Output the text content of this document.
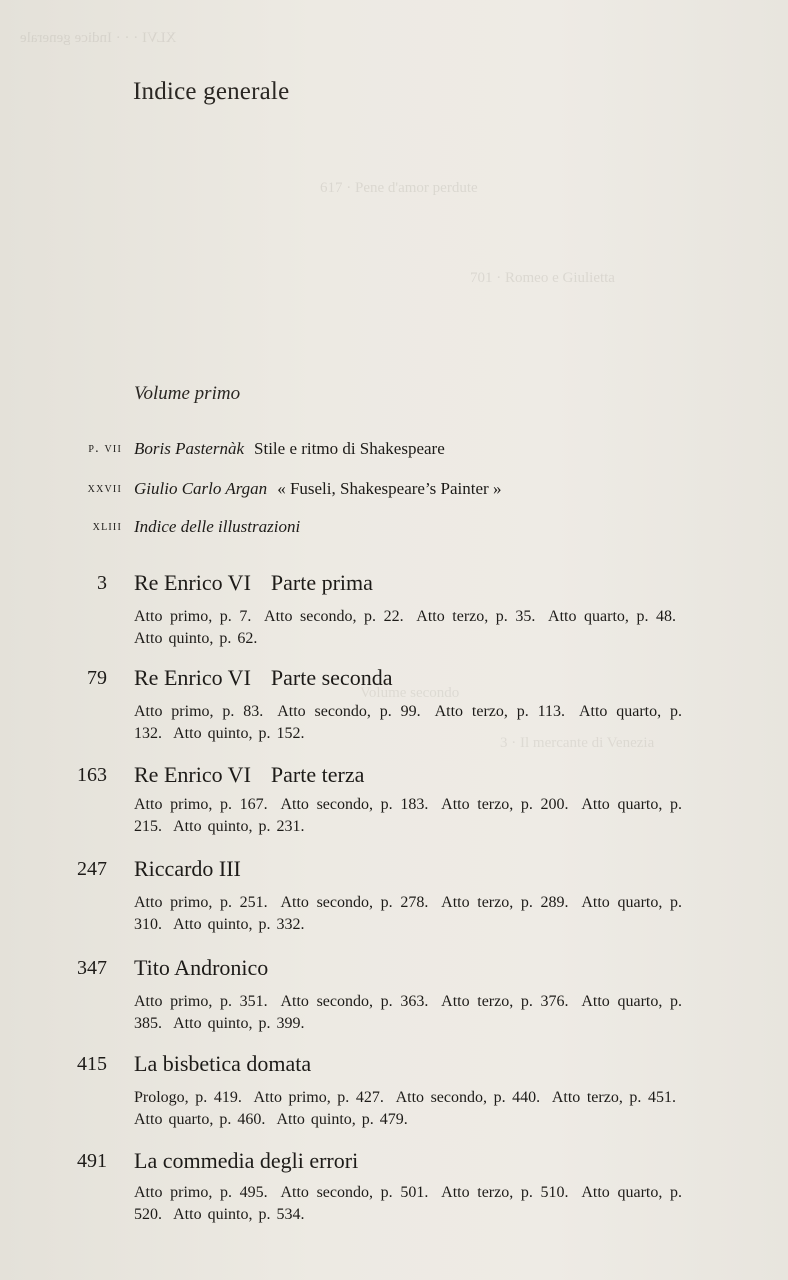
XLVI · · · Indice generale
617 · Pene d'amor perdute
701 · Romeo e Giulietta
Volume secondo
3 · Il mercante di Venezia
Indice generale
Volume primo
p. vii Boris Pasternàk Stile e ritmo di Shakespeare
xxvii Giulio Carlo Argan « Fuseli, Shakespeare’s Painter »
xliii Indice delle illustrazioni
3 Re Enrico VI Parte prima
Atto primo, p. 7. Atto secondo, p. 22. Atto terzo, p. 35. Atto quarto, p. 48. Atto quinto, p. 62.
79 Re Enrico VI Parte seconda
Atto primo, p. 83. Atto secondo, p. 99. Atto terzo, p. 113. Atto quarto, p. 132. Atto quinto, p. 152.
163 Re Enrico VI Parte terza
Atto primo, p. 167. Atto secondo, p. 183. Atto terzo, p. 200. Atto quarto, p. 215. Atto quinto, p. 231.
247 Riccardo III
Atto primo, p. 251. Atto secondo, p. 278. Atto terzo, p. 289. Atto quarto, p. 310. Atto quinto, p. 332.
347 Tito Andronico
Atto primo, p. 351. Atto secondo, p. 363. Atto terzo, p. 376. Atto quarto, p. 385. Atto quinto, p. 399.
415 La bisbetica domata
Prologo, p. 419. Atto primo, p. 427. Atto secondo, p. 440. Atto terzo, p. 451. Atto quarto, p. 460. Atto quinto, p. 479.
491 La commedia degli errori
Atto primo, p. 495. Atto secondo, p. 501. Atto terzo, p. 510. Atto quarto, p. 520. Atto quinto, p. 534.
